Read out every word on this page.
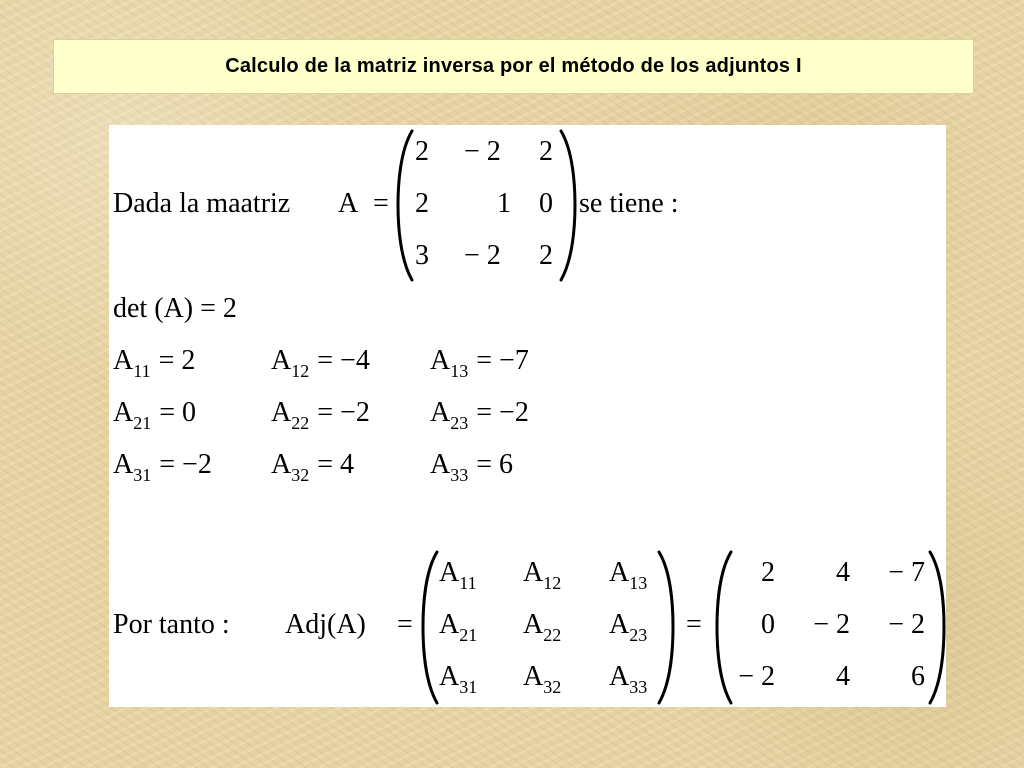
Calculo de la matriz inversa por el método de los adjuntos I
Dada la maatriz A =
2 − 2 2
2 1 0
3 − 2 2
se tiene :
det (A) = 2
$A_{11} = 2$	$A_{12} = -4$ $A_{13} = -7$
$A_{21} = 0$	$A_{22} = -2$ $A_{23} = -2$
$A_{31} = -2$ $A_{32} = 4$	$A_{33} = 6$
Por tanto : Adj(A) =
$A_{11}$ $A_{12}$ $A_{13}$
$A_{21}$ $A_{22}$ $A_{23}$
$A_{31}$ $A_{32}$ $A_{33}$
=
2	4	− 7
0	− 2	− 2
− 2	4	6
